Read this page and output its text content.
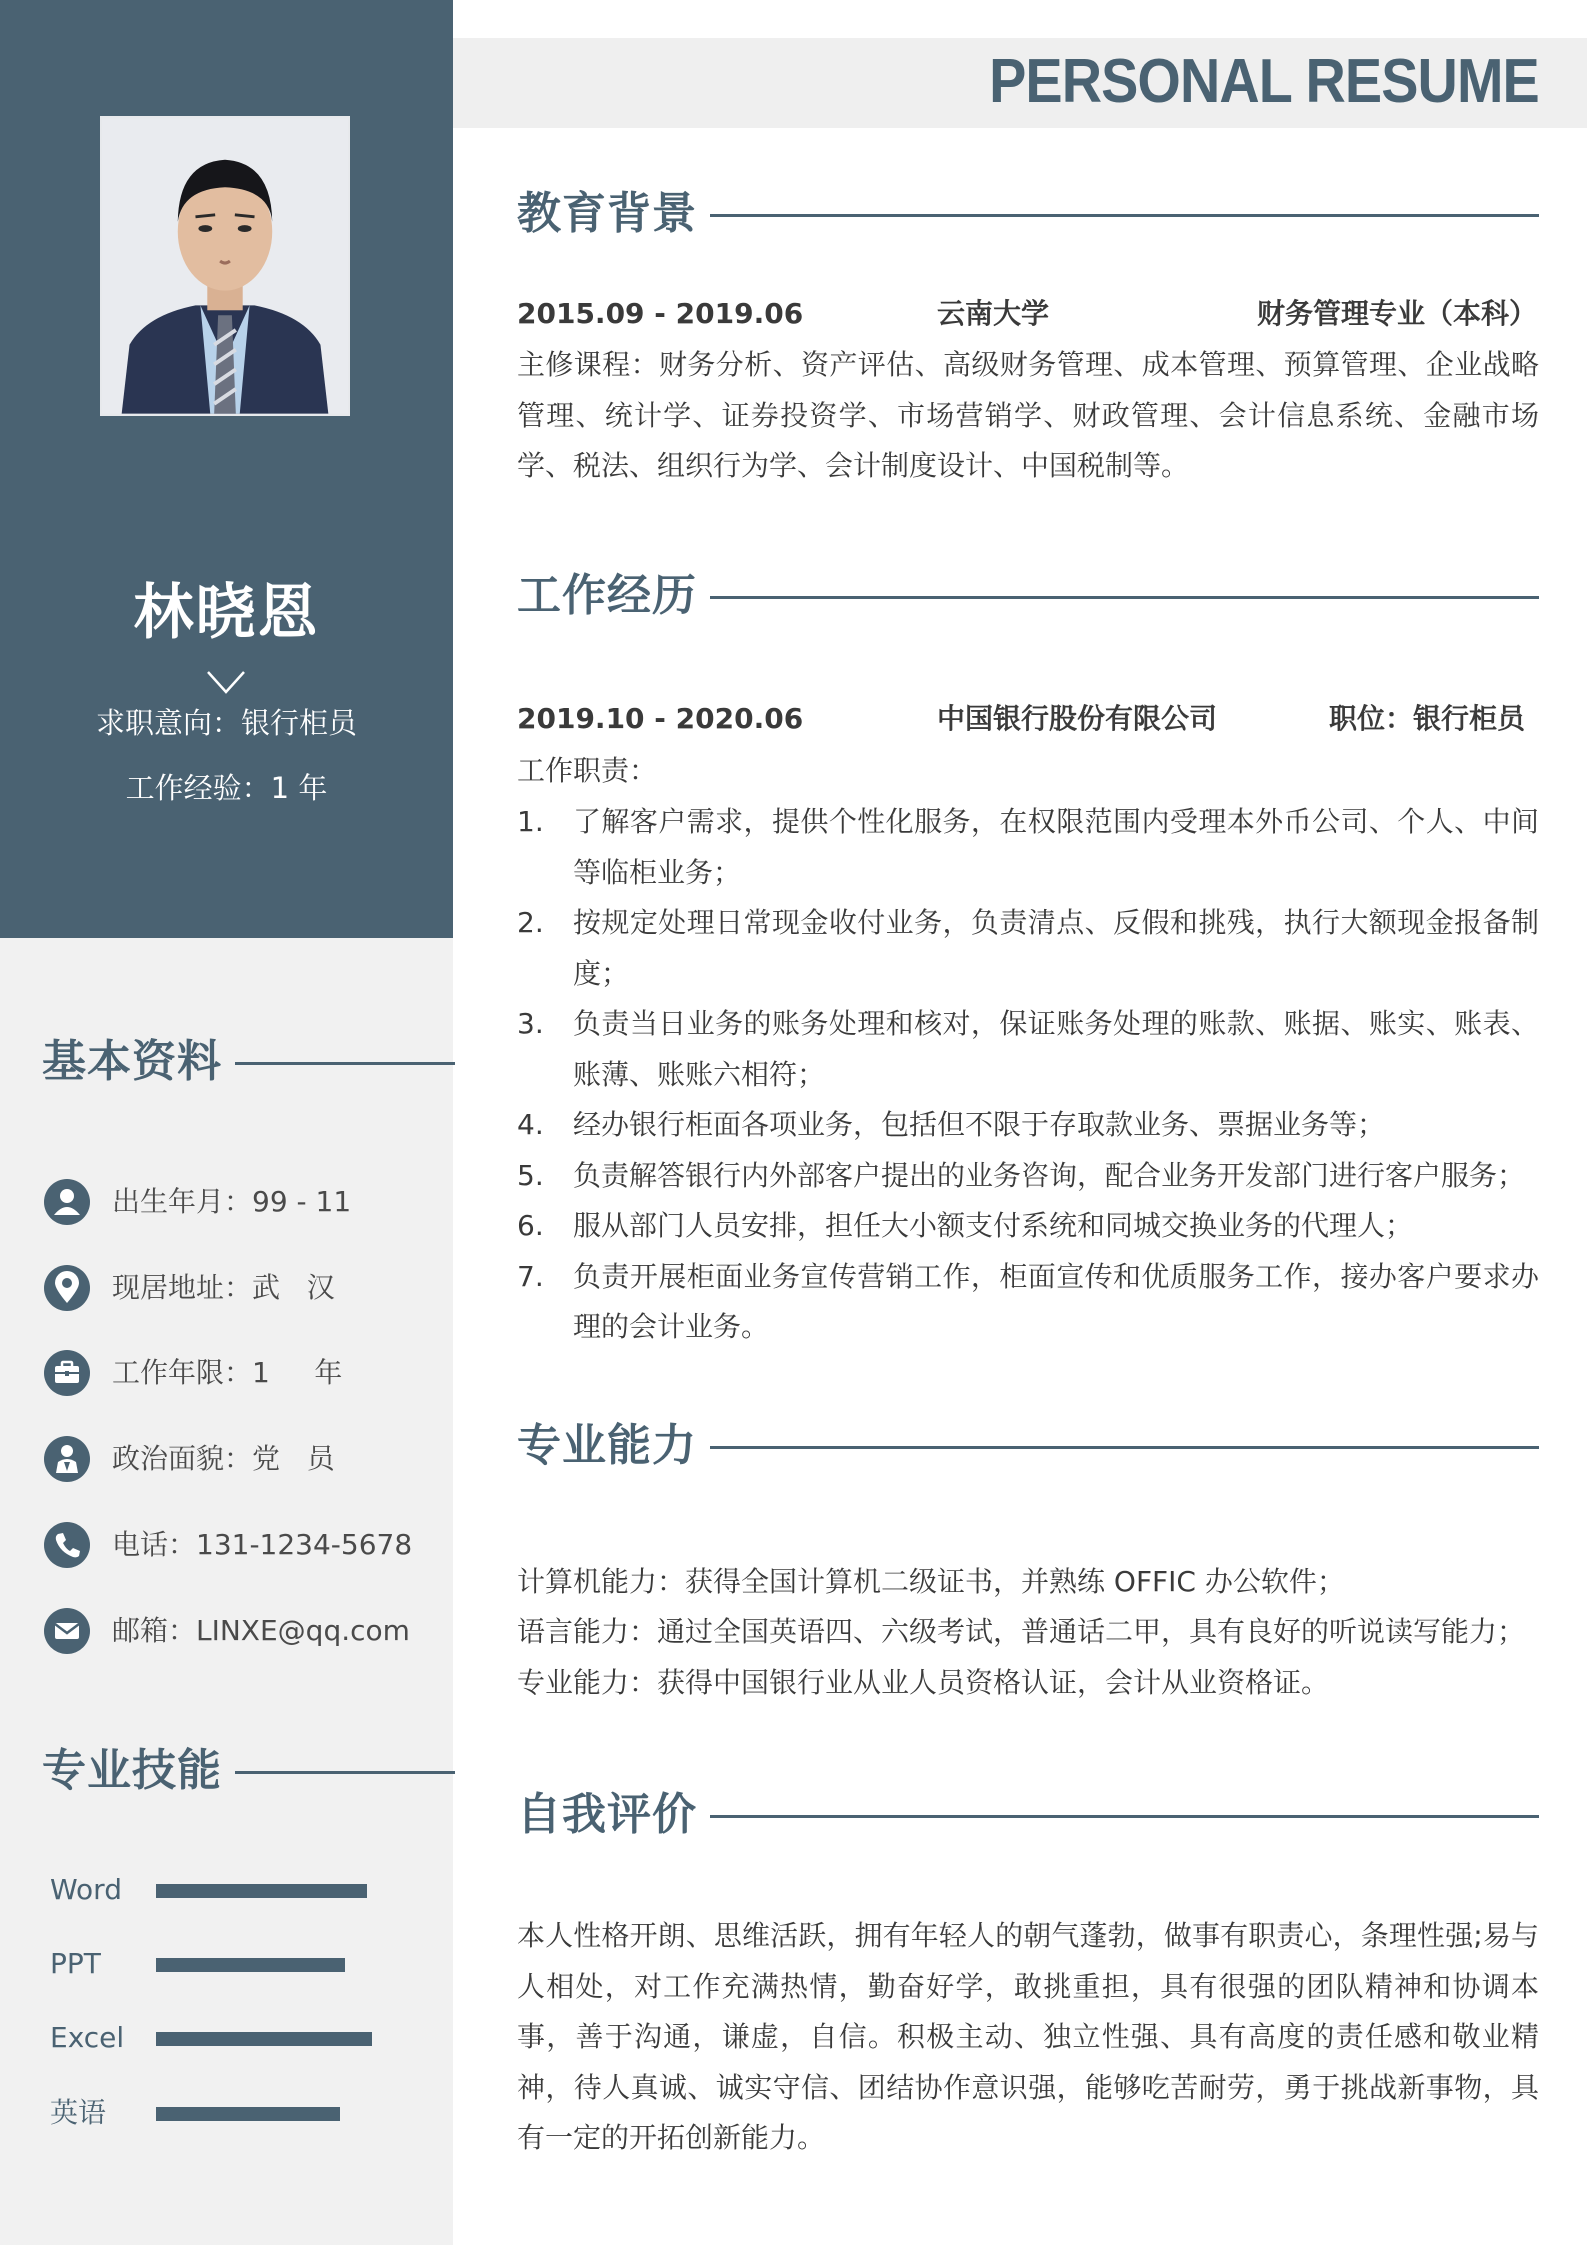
林晓恩
求职意向：银行柜员
工作经验：1 年
基本资料
出生年月：99 - 11
现居地址：武   汉
工作年限：1     年
政治面貌：党   员
电话：131-1234-5678
邮箱：LINXE@qq.com
专业技能
Word
PPT
Excel
英语
PERSONAL RESUME
教育背景
2015.09 - 2019.06	云南大学	财务管理专业（本科）
主修课程：财务分析、资产评估、高级财务管理、成本管理、预算管理、企业战略管理、统计学、证券投资学、市场营销学、财政管理、会计信息系统、金融市场学、税法、组织行为学、会计制度设计、中国税制等。
工作经历
2019.10 - 2020.06	中国银行股份有限公司	职位：银行柜员
工作职责：
1. 了解客户需求，提供个性化服务，在权限范围内受理本外币公司、个人、中间等临柜业务；
2. 按规定处理日常现金收付业务，负责清点、反假和挑残，执行大额现金报备制度；
3. 负责当日业务的账务处理和核对，保证账务处理的账款、账据、账实、账表、账薄、账账六相符；
4. 经办银行柜面各项业务，包括但不限于存取款业务、票据业务等；
5. 负责解答银行内外部客户提出的业务咨询，配合业务开发部门进行客户服务；
6. 服从部门人员安排，担任大小额支付系统和同城交换业务的代理人；
7. 负责开展柜面业务宣传营销工作，柜面宣传和优质服务工作，接办客户要求办理的会计业务。
专业能力
计算机能力：获得全国计算机二级证书，并熟练 OFFIC 办公软件；
语言能力：通过全国英语四、六级考试，普通话二甲，具有良好的听说读写能力；
专业能力：获得中国银行业从业人员资格认证，会计从业资格证。
自我评价
本人性格开朗、思维活跃，拥有年轻人的朝气蓬勃，做事有职责心，条理性强;易与人相处，对工作充满热情，勤奋好学，敢挑重担，具有很强的团队精神和协调本事，善于沟通，谦虚，自信。积极主动、独立性强、具有高度的责任感和敬业精神，待人真诚、诚实守信、团结协作意识强，能够吃苦耐劳，勇于挑战新事物，具有一定的开拓创新能力。
